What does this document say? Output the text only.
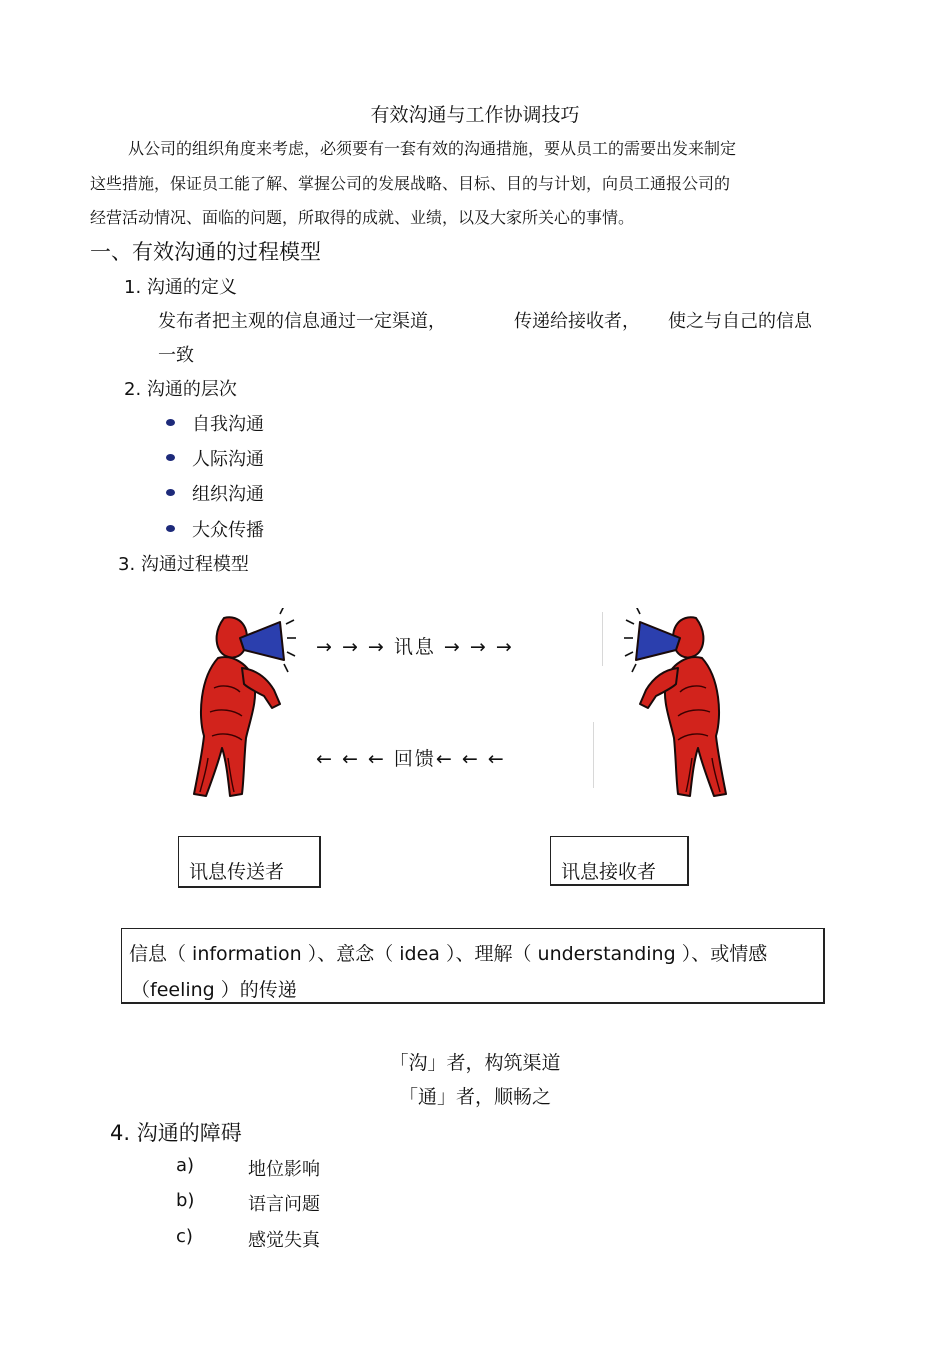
有效沟通与工作协调技巧
从公司的组织角度来考虑，必须要有一套有效的沟通措施，要从员工的需要出发来制定
这些措施，保证员工能了解、掌握公司的发展战略、目标、目的与计划，向员工通报公司的
经营活动情况、面临的问题，所取得的成就、业绩，以及大家所关心的事情。
一、有效沟通的过程模型
1. 沟通的定义
发布者把主观的信息通过一定渠道，	传递给接收者， 使之与自己的信息
一致
2. 沟通的层次
自我沟通
人际沟通
组织沟通
大众传播
3. 沟通过程模型
→ → → 讯息 → → →
← ← ← 回馈← ← ←
讯息传送者	讯息接收者
信息（ information ）、意念（ idea ）、理解（ understanding ）、或情感
（feeling ）的传递
「沟」者，构筑渠道
「通」者，顺畅之
4. 沟通的障碍
a)	地位影响
b)	语言问题
c)	感觉失真
